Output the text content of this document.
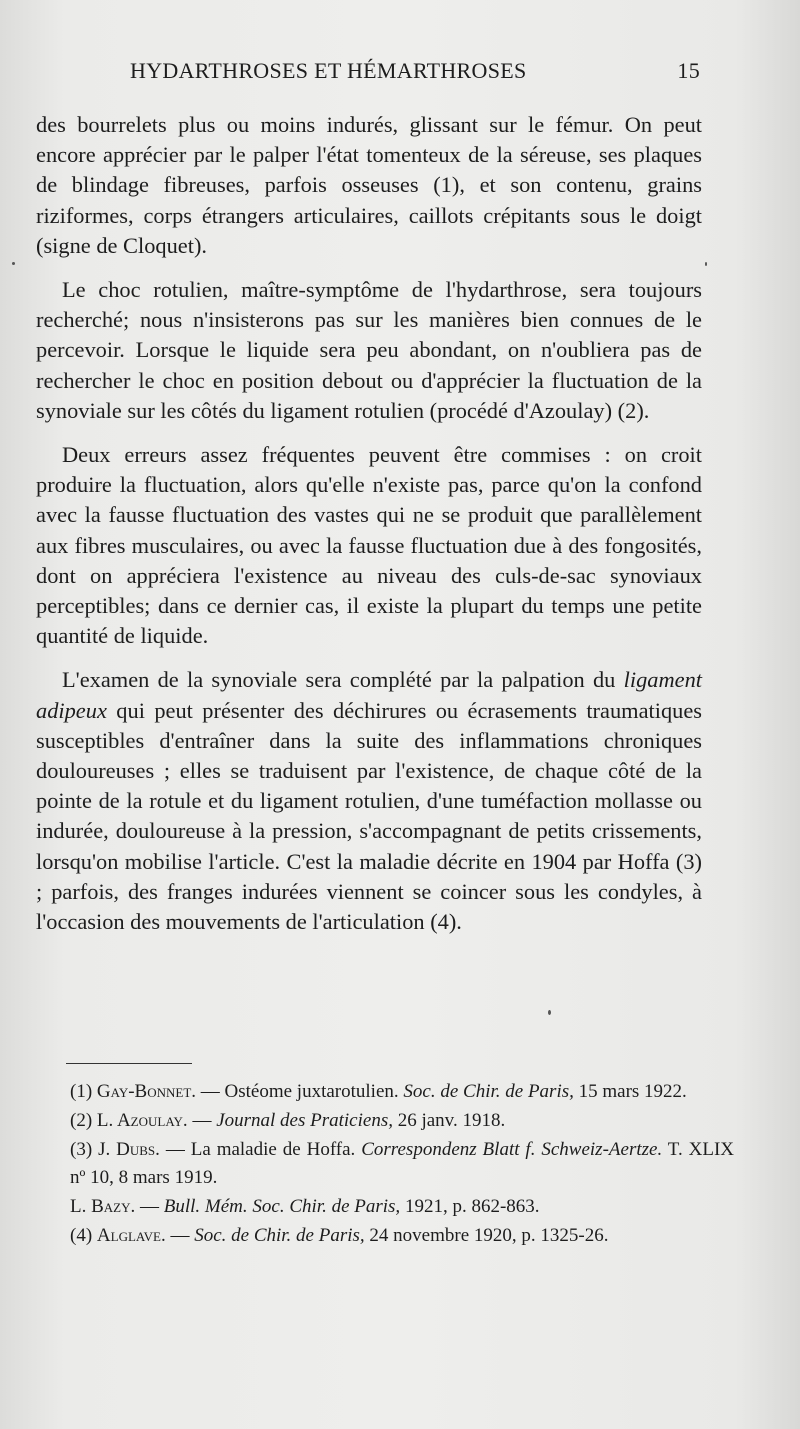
HYDARTHROSES ET HÉMARTHROSES	15

des bourrelets plus ou moins indurés, glissant sur le fémur. On peut encore apprécier par le palper l'état tomenteux de la séreuse, ses plaques de blindage fibreuses, parfois osseuses (1), et son contenu, grains riziformes, corps étrangers articulaires, caillots crépitants sous le doigt (signe de Cloquet).

Le choc rotulien, maître-symptôme de l'hydarthrose, sera toujours recherché; nous n'insisterons pas sur les manières bien connues de le percevoir. Lorsque le liquide sera peu abondant, on n'oubliera pas de rechercher le choc en position debout ou d'apprécier la fluctuation de la synoviale sur les côtés du ligament rotulien (procédé d'Azoulay) (2).

Deux erreurs assez fréquentes peuvent être commises : on croit produire la fluctuation, alors qu'elle n'existe pas, parce qu'on la confond avec la fausse fluctuation des vastes qui ne se produit que parallèlement aux fibres musculaires, ou avec la fausse fluctuation due à des fongosités, dont on appréciera l'existence au niveau des culs-de-sac synoviaux perceptibles; dans ce dernier cas, il existe la plupart du temps une petite quantité de liquide.

L'examen de la synoviale sera complété par la palpation du ligament adipeux qui peut présenter des déchirures ou écrasements traumatiques susceptibles d'entraîner dans la suite des inflammations chroniques douloureuses ; elles se traduisent par l'existence, de chaque côté de la pointe de la rotule et du ligament rotulien, d'une tuméfaction mollasse ou indurée, douloureuse à la pression, s'accompagnant de petits crissements, lorsqu'on mobilise l'article. C'est la maladie décrite en 1904 par Hoffa (3) ; parfois, des franges indurées viennent se coincer sous les condyles, à l'occasion des mouvements de l'articulation (4).

(1) Gay-Bonnet. — Ostéome juxtarotulien. Soc. de Chir. de Paris, 15 mars 1922.
(2) L. Azoulay. — Journal des Praticiens, 26 janv. 1918.
(3) J. Dubs. — La maladie de Hoffa. Correspondenz Blatt f. Schweiz-Aertze. T. XLIX nº 10, 8 mars 1919.
L. Bazy. — Bull. Mém. Soc. Chir. de Paris, 1921, p. 862-863.
(4) Alglave. — Soc. de Chir. de Paris, 24 novembre 1920, p. 1325-26.
